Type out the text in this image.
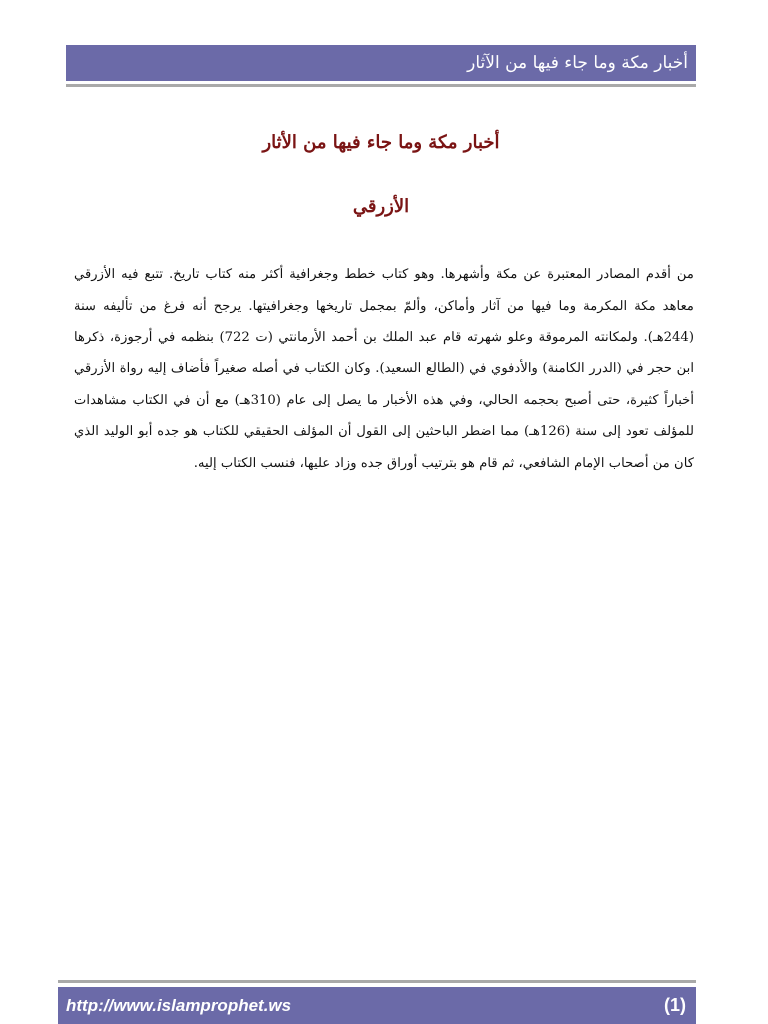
أخبار مكة وما جاء فيها من الآثار
أخبار مكة وما جاء فيها من الأثار
الأزرقي

من أقدم المصادر المعتبرة عن مكة وأشهرها. وهو كتاب خطط وجغرافية أكثر منه كتاب تاريخ. تتبع فيه الأزرقي معاهد مكة المكرمة وما فيها من آثار وأماكن، وألمّ بمجمل تاريخها وجغرافيتها. يرجح أنه فرغ من تأليفه سنة (244هـ). ولمكانته المرموقة وعلو شهرته قام عبد الملك بن أحمد الأرمانتي (ت 722) بنظمه في أرجوزة، ذكرها ابن حجر في (الدرر الكامنة) والأدفوي في (الطالع السعيد). وكان الكتاب في أصله صغيراً فأضاف إليه رواة الأزرقي أخباراً كثيرة، حتى أصبح بحجمه الحالي، وفي هذه الأخبار ما يصل إلى عام (310هـ) مع أن في الكتاب مشاهدات للمؤلف تعود إلى سنة (126هـ) مما اضطر الباحثين إلى القول أن المؤلف الحقيقي للكتاب هو جده أبو الوليد الذي كان من أصحاب الإمام الشافعي، ثم قام هو بترتيب أوراق جده وزاد عليها، فنسب الكتاب إليه.

http://www.islamprophet.ws	(1)
